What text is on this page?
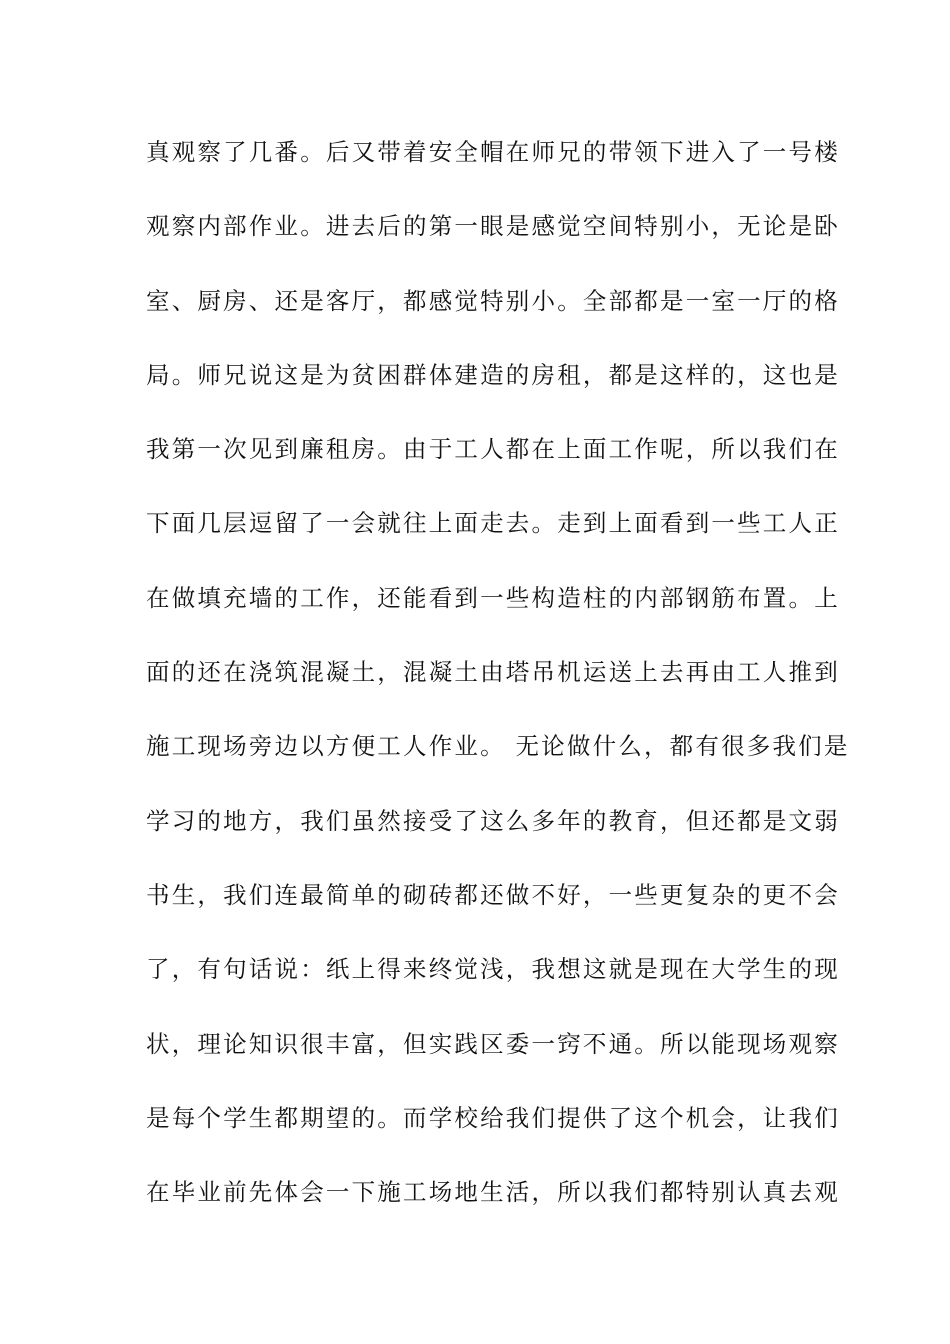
真观察了几番。后又带着安全帽在师兄的带领下进入了一号楼
观察内部作业。进去后的第一眼是感觉空间特别小，无论是卧
室、厨房、还是客厅，都感觉特别小。全部都是一室一厅的格
局。师兄说这是为贫困群体建造的房租，都是这样的，这也是
我第一次见到廉租房。由于工人都在上面工作呢，所以我们在
下面几层逗留了一会就往上面走去。走到上面看到一些工人正
在做填充墙的工作，还能看到一些构造柱的内部钢筋布置。上
面的还在浇筑混凝土，混凝土由塔吊机运送上去再由工人推到
施工现场旁边以方便工人作业。 无论做什么，都有很多我们是
学习的地方，我们虽然接受了这么多年的教育，但还都是文弱
书生，我们连最简单的砌砖都还做不好，一些更复杂的更不会
了，有句话说：纸上得来终觉浅，我想这就是现在大学生的现
状，理论知识很丰富，但实践区委一窍不通。所以能现场观察
是每个学生都期望的。而学校给我们提供了这个机会，让我们
在毕业前先体会一下施工场地生活，所以我们都特别认真去观
